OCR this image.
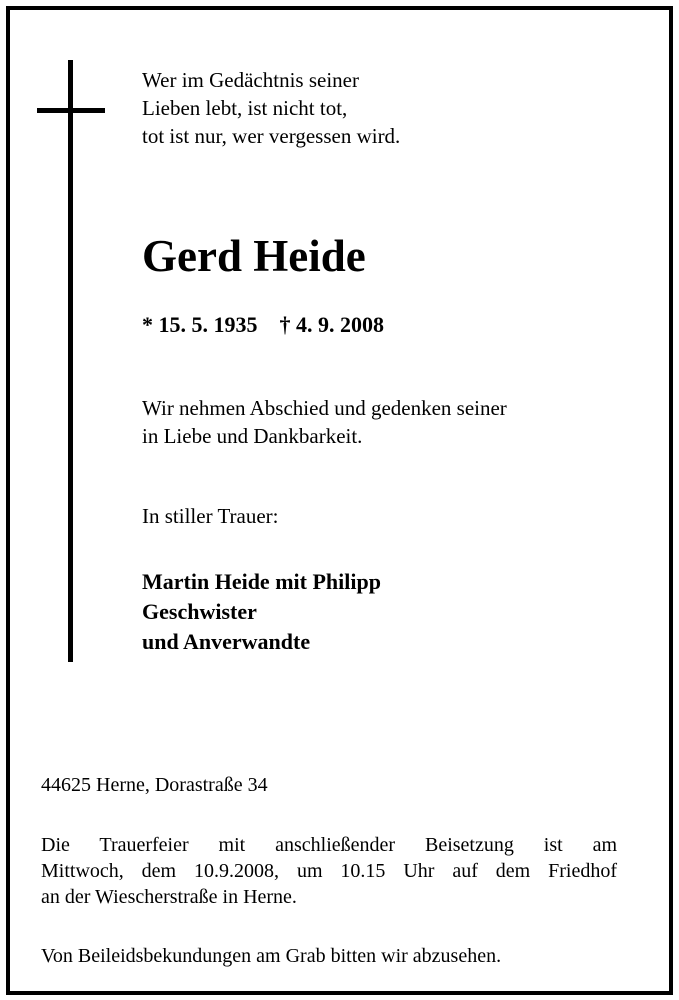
Wer im Gedächtnis seiner
Lieben lebt, ist nicht tot,
tot ist nur, wer vergessen wird.

Gerd Heide

* 15. 5. 1935 † 4. 9. 2008

Wir nehmen Abschied und gedenken seiner
in Liebe und Dankbarkeit.

In stiller Trauer:

Martin Heide mit Philipp
Geschwister
und Anverwandte

44625 Herne, Dorastraße 34

Die Trauerfeier mit anschließender Beisetzung ist am
Mittwoch, dem 10.9.2008, um 10.15 Uhr auf dem Friedhof
an der Wiescherstraße in Herne.

Von Beileidsbekundungen am Grab bitten wir abzusehen.
